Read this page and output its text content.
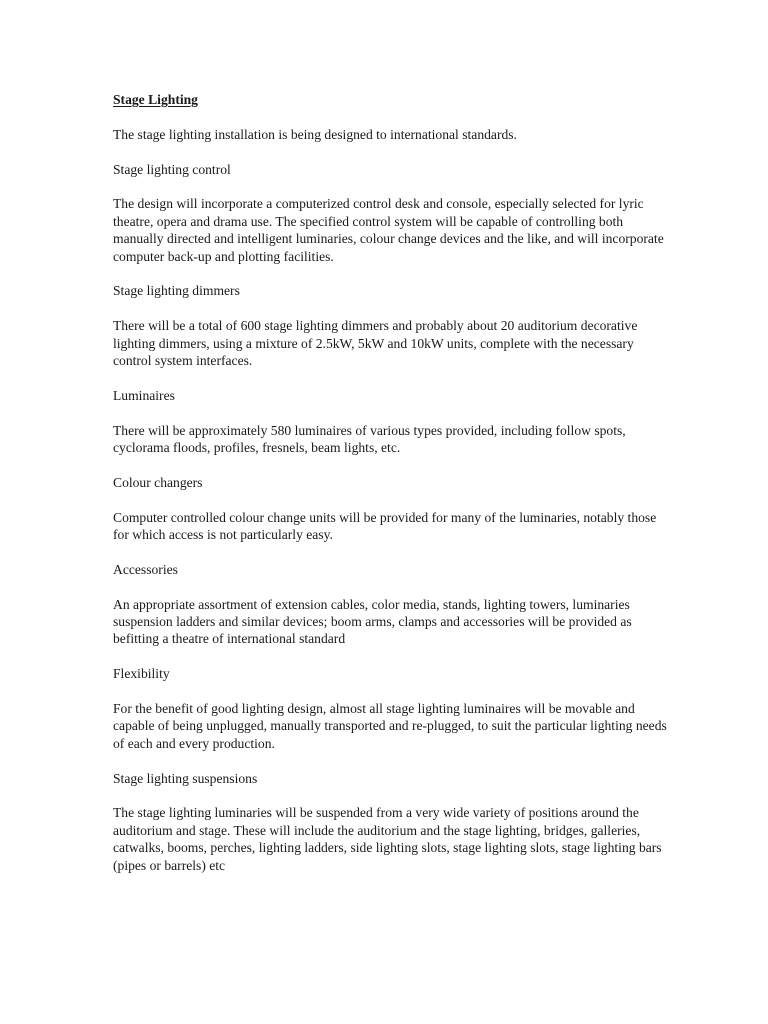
Stage Lighting

The stage lighting installation is being designed to international standards.

Stage lighting control

The design will incorporate a computerized control desk and console, especially selected for lyric theatre, opera and drama use. The specified control system will be capable of controlling both manually directed and intelligent luminaries, colour change devices and the like, and will incorporate computer back-up and plotting facilities.

Stage lighting dimmers

There will be a total of 600 stage lighting dimmers and probably about 20 auditorium decorative lighting dimmers, using a mixture of 2.5kW, 5kW and 10kW units, complete with the necessary control system interfaces.

Luminaires

There will be approximately 580 luminaires of various types provided, including follow spots, cyclorama floods, profiles, fresnels, beam lights, etc.

Colour changers

Computer controlled colour change units will be provided for many of the luminaries, notably those for which access is not particularly easy.

Accessories

An appropriate assortment of extension cables, color media, stands, lighting towers, luminaries suspension ladders and similar devices; boom arms, clamps and accessories will be provided as befitting a theatre of international standard

Flexibility

For the benefit of good lighting design, almost all stage lighting luminaires will be movable and capable of being unplugged, manually transported and re-plugged, to suit the particular lighting needs of each and every production.

Stage lighting suspensions

The stage lighting luminaries will be suspended from a very wide variety of positions around the auditorium and stage. These will include the auditorium and the stage lighting, bridges, galleries, catwalks, booms, perches, lighting ladders, side lighting slots, stage lighting slots, stage lighting bars (pipes or barrels) etc
